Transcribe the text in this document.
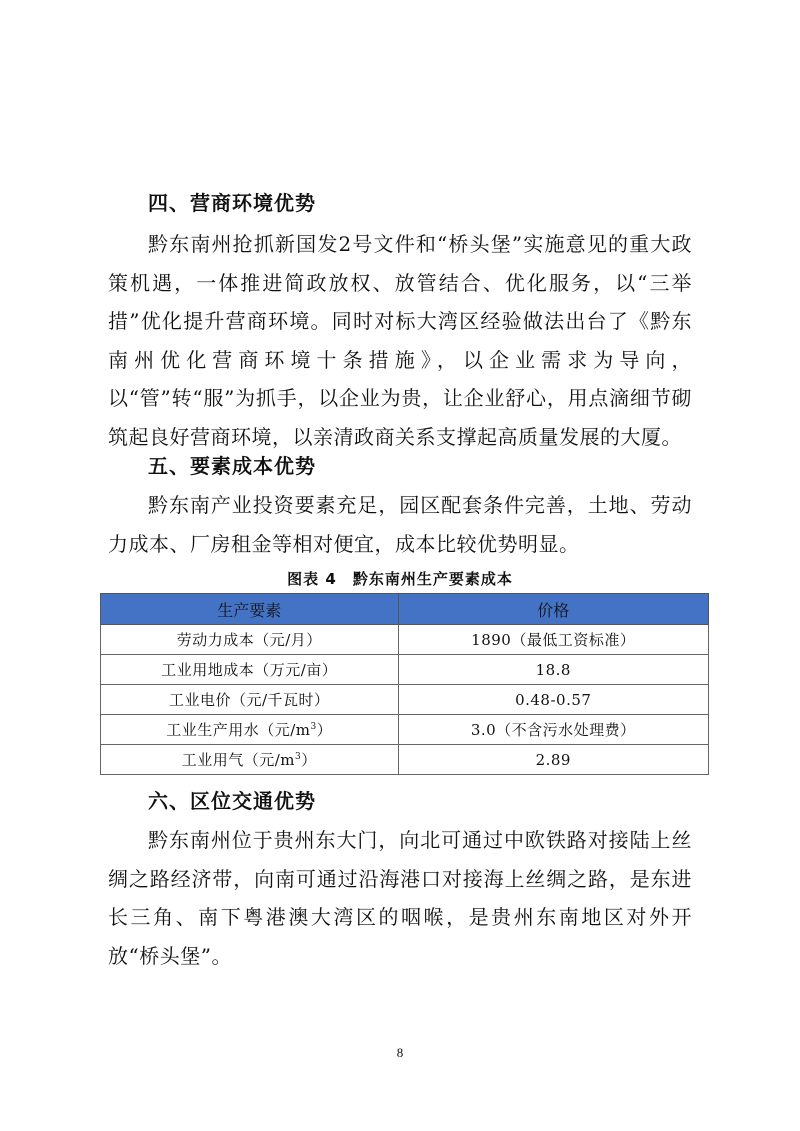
四、营商环境优势
黔东南州抢抓新国发2号文件和“桥头堡”实施意见的重大政策机遇，一体推进简政放权、放管结合、优化服务，以“三举措”优化提升营商环境。同时对标大湾区经验做法出台了《黔东南州优化营商环境十条措施》，以企业需求为导向，以“管”转“服”为抓手，以企业为贵，让企业舒心，用点滴细节砌筑起良好营商环境，以亲清政商关系支撑起高质量发展的大厦。
五、要素成本优势
黔东南产业投资要素充足，园区配套条件完善，土地、劳动力成本、厂房租金等相对便宜，成本比较优势明显。
图表 4　黔东南州生产要素成本
生产要素	价格
劳动力成本（元/月）	1890（最低工资标准）
工业用地成本（万元/亩）	18.8
工业电价（元/千瓦时）	0.48-0.57
工业生产用水（元$/m^3$）	3.0（不含污水处理费）
工业用气（元$/m^3$）	2.89
六、区位交通优势
黔东南州位于贵州东大门，向北可通过中欧铁路对接陆上丝绸之路经济带，向南可通过沿海港口对接海上丝绸之路，是东进长三角、南下粤港澳大湾区的咽喉，是贵州东南地区对外开放“桥头堡”。
8
